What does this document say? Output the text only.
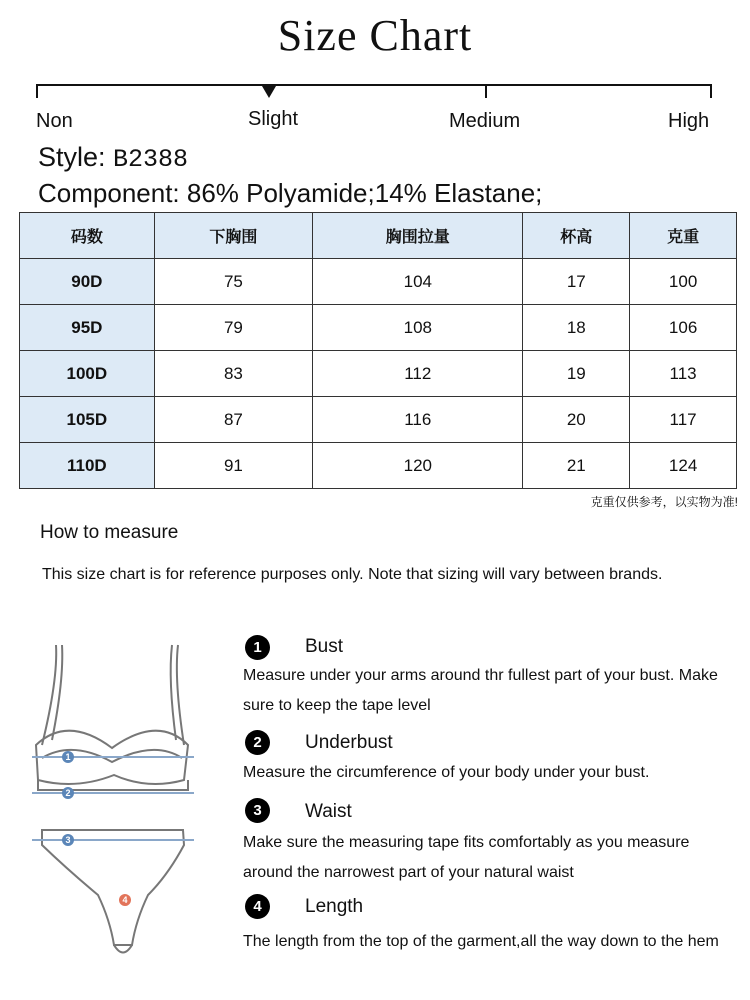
Size Chart
Non	Slight	Medium	High
Style: B2388
Component: 86% Polyamide;14% Elastane;
码数	下胸围	胸围拉量	杯高	克重
90D	75	104	17	100
95D	79	108	18	106
100D	83	112	19	113
105D	87	116	20	117
110D	91	120	21	124
克重仅供参考，以实物为准!
How to measure
This size chart is for reference purposes only. Note that sizing will vary between brands.
1
2
3
4
1	Bust
Measure under your arms around thr fullest part of your bust. Make sure to keep the tape level
2	Underbust
Measure the circumference of your body under your bust.
3	Waist
Make sure the measuring tape fits comfortably as you measure around the narrowest part of your natural waist
4	Length
The length from the top of the garment,all the way down to the hem
